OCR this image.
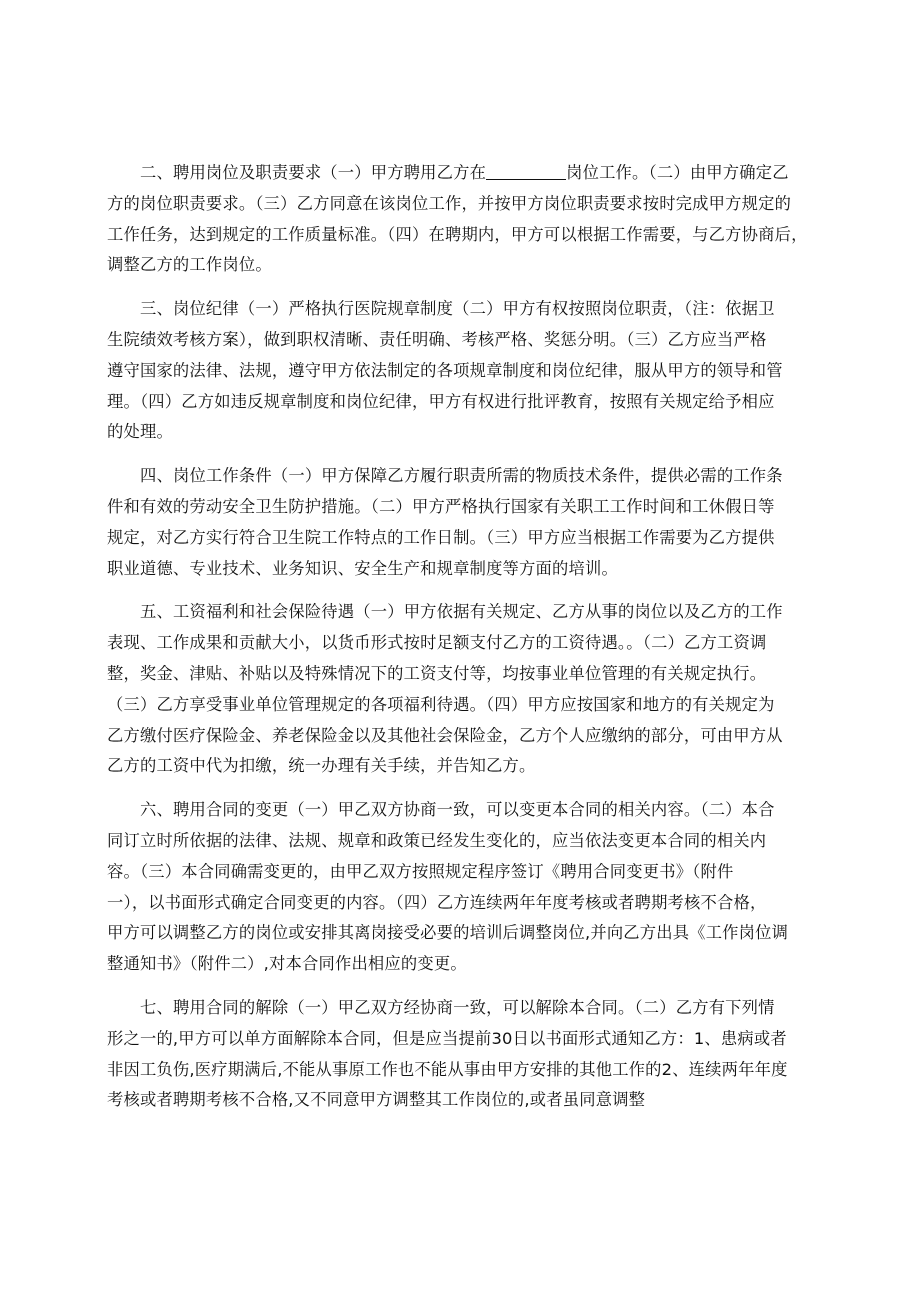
二、聘用岗位及职责要求（一）甲方聘用乙方在	岗位工作。（二）由甲方确定乙
方的岗位职责要求。（三）乙方同意在该岗位工作，并按甲方岗位职责要求按时完成甲方规定的
工作任务，达到规定的工作质量标准。（四）在聘期内，甲方可以根据工作需要，与乙方协商后，
调整乙方的工作岗位。

三、岗位纪律（一）严格执行医院规章制度（二）甲方有权按照岗位职责，（注：依据卫
生院绩效考核方案），做到职权清晰、责任明确、考核严格、奖惩分明。（三）乙方应当严格
遵守国家的法律、法规，遵守甲方依法制定的各项规章制度和岗位纪律，服从甲方的领导和管
理。（四）乙方如违反规章制度和岗位纪律，甲方有权进行批评教育，按照有关规定给予相应
的处理。

四、岗位工作条件（一）甲方保障乙方履行职责所需的物质技术条件，提供必需的工作条
件和有效的劳动安全卫生防护措施。（二）甲方严格执行国家有关职工工作时间和工休假日等
规定，对乙方实行符合卫生院工作特点的工作日制。（三）甲方应当根据工作需要为乙方提供
职业道德、专业技术、业务知识、安全生产和规章制度等方面的培训。

五、工资福利和社会保险待遇（一）甲方依据有关规定、乙方从事的岗位以及乙方的工作
表现、工作成果和贡献大小，以货币形式按时足额支付乙方的工资待遇。。（二）乙方工资调
整，奖金、津贴、补贴以及特殊情况下的工资支付等，均按事业单位管理的有关规定执行。
（三）乙方享受事业单位管理规定的各项福利待遇。（四）甲方应按国家和地方的有关规定为
乙方缴付医疗保险金、养老保险金以及其他社会保险金，乙方个人应缴纳的部分，可由甲方从
乙方的工资中代为扣缴，统一办理有关手续，并告知乙方。

六、聘用合同的变更（一）甲乙双方协商一致，可以变更本合同的相关内容。（二）本合
同订立时所依据的法律、法规、规章和政策已经发生变化的，应当依法变更本合同的相关内
容。（三）本合同确需变更的，由甲乙双方按照规定程序签订《聘用合同变更书》（附件
一），以书面形式确定合同变更的内容。（四）乙方连续两年年度考核或者聘期考核不合格，
甲方可以调整乙方的岗位或安排其离岗接受必要的培训后调整岗位,并向乙方出具《工作岗位调
整通知书》（附件二）,对本合同作出相应的变更。

七、聘用合同的解除（一）甲乙双方经协商一致，可以解除本合同。（二）乙方有下列情
形之一的,甲方可以单方面解除本合同，但是应当提前30日以书面形式通知乙方：1、患病或者
非因工负伤,医疗期满后,不能从事原工作也不能从事由甲方安排的其他工作的2、连续两年年度
考核或者聘期考核不合格,又不同意甲方调整其工作岗位的,或者虽同意调整
